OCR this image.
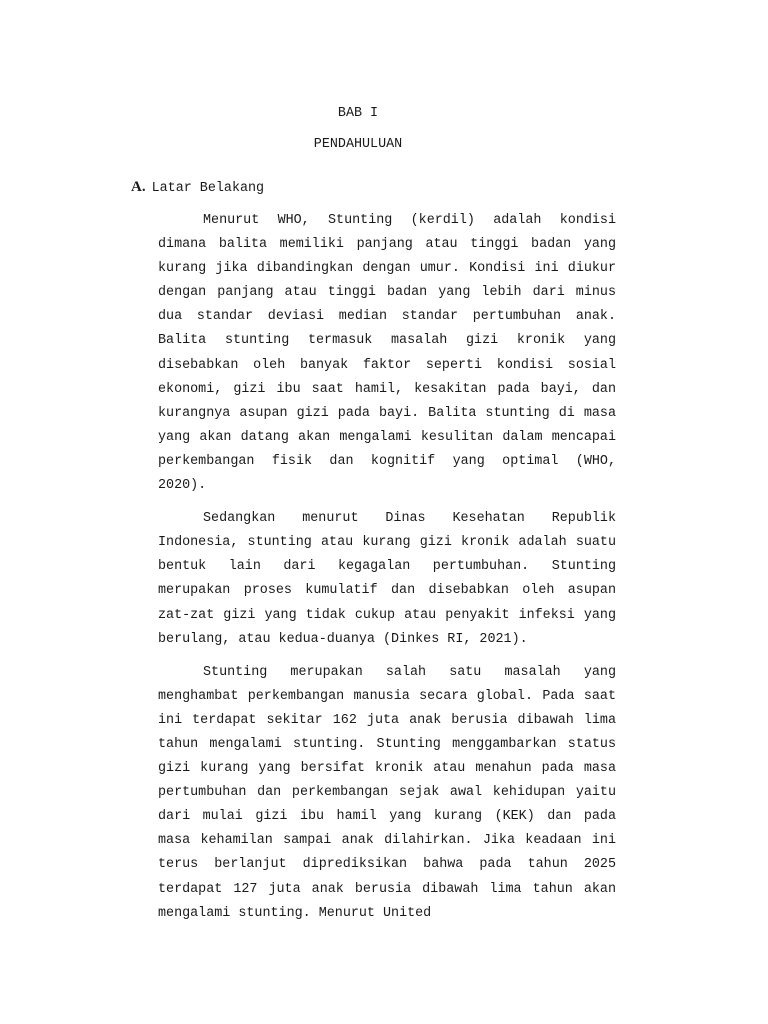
BAB I
PENDAHULUAN
A. Latar Belakang

Menurut WHO, Stunting (kerdil) adalah kondisi dimana balita memiliki panjang atau tinggi badan yang kurang jika dibandingkan dengan umur. Kondisi ini diukur dengan panjang atau tinggi badan yang lebih dari minus dua standar deviasi median standar pertumbuhan anak. Balita stunting termasuk masalah gizi kronik yang disebabkan oleh banyak faktor seperti kondisi sosial ekonomi, gizi ibu saat hamil, kesakitan pada bayi, dan kurangnya asupan gizi pada bayi. Balita stunting di masa yang akan datang akan mengalami kesulitan dalam mencapai perkembangan fisik dan kognitif yang optimal (WHO, 2020).

Sedangkan menurut Dinas Kesehatan Republik Indonesia, stunting atau kurang gizi kronik adalah suatu bentuk lain dari kegagalan pertumbuhan. Stunting merupakan proses kumulatif dan disebabkan oleh asupan zat-zat gizi yang tidak cukup atau penyakit infeksi yang berulang, atau kedua-duanya (Dinkes RI, 2021).

Stunting merupakan salah satu masalah yang menghambat perkembangan manusia secara global. Pada saat ini terdapat sekitar 162 juta anak berusia dibawah lima tahun mengalami stunting. Stunting menggambarkan status gizi kurang yang bersifat kronik atau menahun pada masa pertumbuhan dan perkembangan sejak awal kehidupan yaitu dari mulai gizi ibu hamil yang kurang (KEK) dan pada masa kehamilan sampai anak dilahirkan. Jika keadaan ini terus berlanjut diprediksikan bahwa pada tahun 2025 terdapat 127 juta anak berusia dibawah lima tahun akan mengalami stunting. Menurut United
